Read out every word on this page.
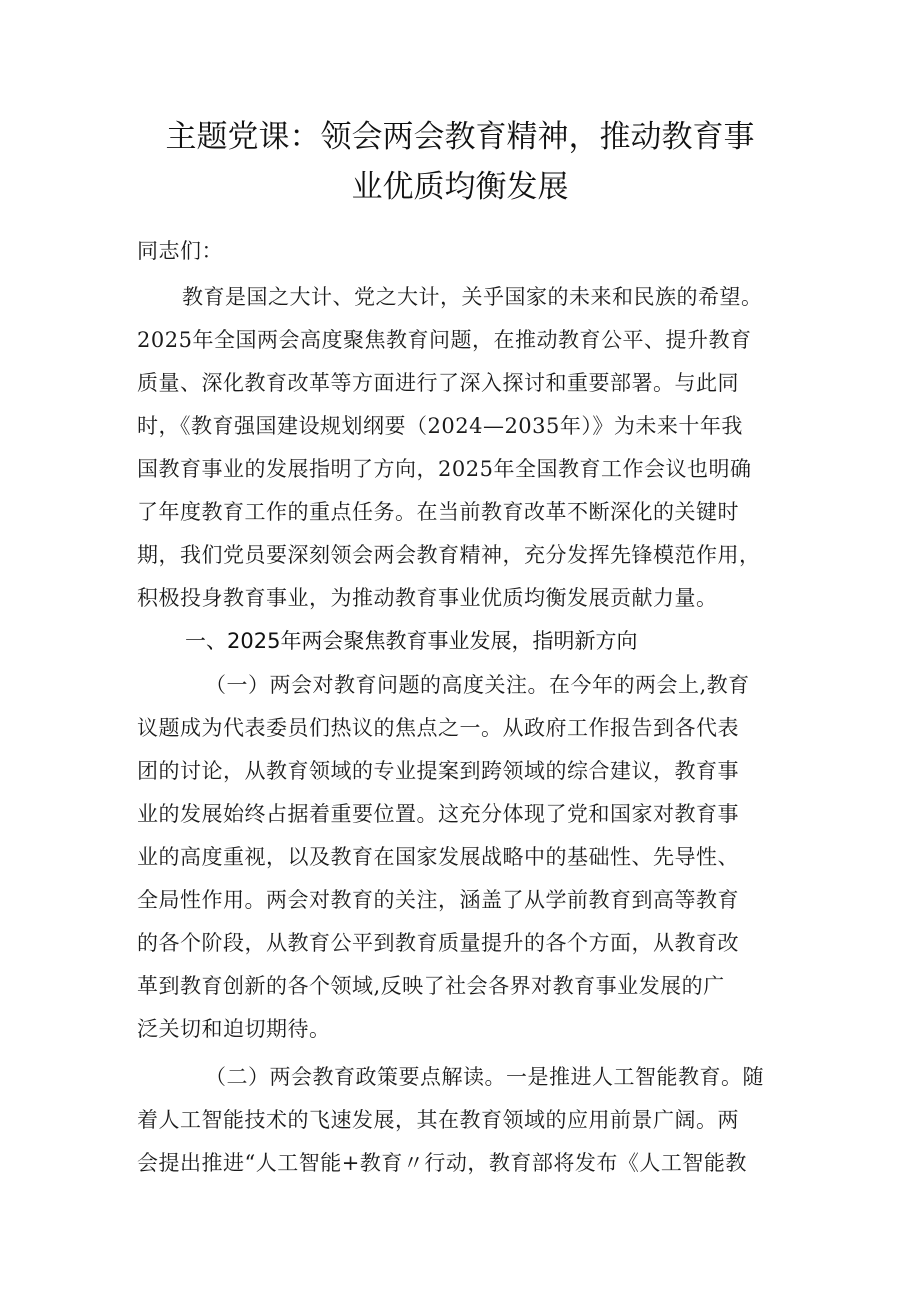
主题党课：领会两会教育精神，推动教育事
业优质均衡发展
同志们：
教育是国之大计、党之大计，关乎国家的未来和民族的希望。
2025年全国两会高度聚焦教育问题，在推动教育公平、提升教育
质量、深化教育改革等方面进行了深入探讨和重要部署。与此同
时，《教育强国建设规划纲要（2024—2035年）》为未来十年我
国教育事业的发展指明了方向，2025年全国教育工作会议也明确
了年度教育工作的重点任务。在当前教育改革不断深化的关键时
期，我们党员要深刻领会两会教育精神，充分发挥先锋模范作用，
积极投身教育事业，为推动教育事业优质均衡发展贡献力量。
一、2025年两会聚焦教育事业发展，指明新方向
（一）两会对教育问题的高度关注。在今年的两会上,教育
议题成为代表委员们热议的焦点之一。从政府工作报告到各代表
团的讨论，从教育领域的专业提案到跨领域的综合建议，教育事
业的发展始终占据着重要位置。这充分体现了党和国家对教育事
业的高度重视，以及教育在国家发展战略中的基础性、先导性、
全局性作用。两会对教育的关注，涵盖了从学前教育到高等教育
的各个阶段，从教育公平到教育质量提升的各个方面，从教育改
革到教育创新的各个领域,反映了社会各界对教育事业发展的广
泛关切和迫切期待。
（二）两会教育政策要点解读。一是推进人工智能教育。随
着人工智能技术的飞速发展，其在教育领域的应用前景广阔。两
会提出推进“人工智能+教育〃行动，教育部将发布《人工智能教
